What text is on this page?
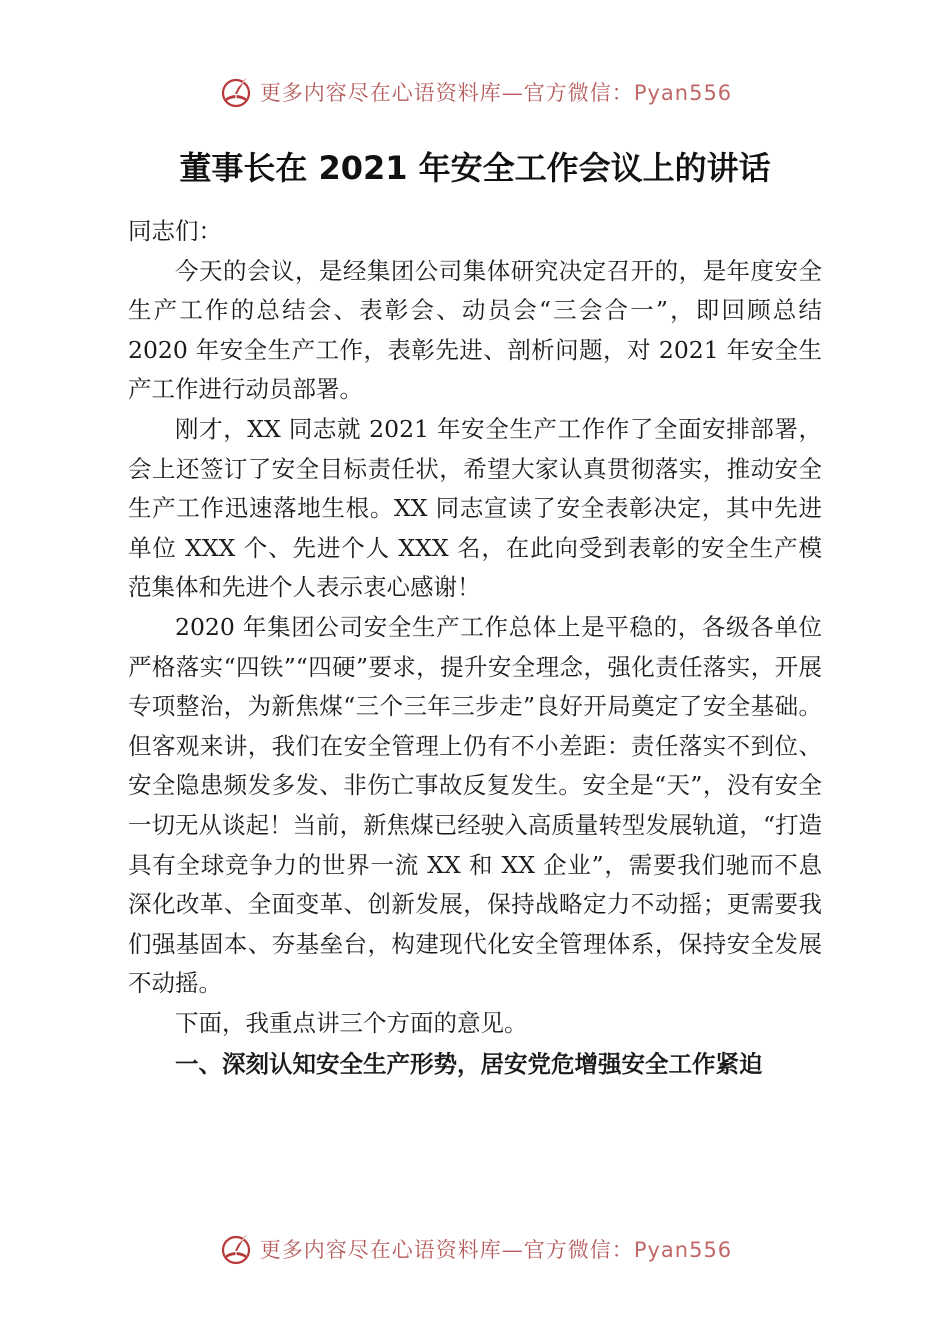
更多内容尽在心语资料库—官方微信：Pyan556
董事长在 2021 年安全工作会议上的讲话

同志们：

今天的会议，是经集团公司集体研究决定召开的，是年度安全生产工作的总结会、表彰会、动员会“三会合一”，即回顾总结 2020 年安全生产工作，表彰先进、剖析问题，对 2021 年安全生产工作进行动员部署。

刚才，XX 同志就 2021 年安全生产工作作了全面安排部署，会上还签订了安全目标责任状，希望大家认真贯彻落实，推动安全生产工作迅速落地生根。XX 同志宣读了安全表彰决定，其中先进单位 XXX 个、先进个人 XXX 名，在此向受到表彰的安全生产模范集体和先进个人表示衷心感谢！

2020 年集团公司安全生产工作总体上是平稳的，各级各单位严格落实“四铁”“四硬”要求，提升安全理念，强化责任落实，开展专项整治，为新焦煤“三个三年三步走”良好开局奠定了安全基础。但客观来讲，我们在安全管理上仍有不小差距：责任落实不到位、安全隐患频发多发、非伤亡事故反复发生。安全是“天”，没有安全一切无从谈起！当前，新焦煤已经驶入高质量转型发展轨道，“打造具有全球竞争力的世界一流 XX 和 XX 企业”，需要我们驰而不息深化改革、全面变革、创新发展，保持战略定力不动摇；更需要我们强基固本、夯基垒台，构建现代化安全管理体系，保持安全发展不动摇。

下面，我重点讲三个方面的意见。

一、深刻认知安全生产形势，居安党危增强安全工作紧迫

更多内容尽在心语资料库—官方微信：Pyan556
